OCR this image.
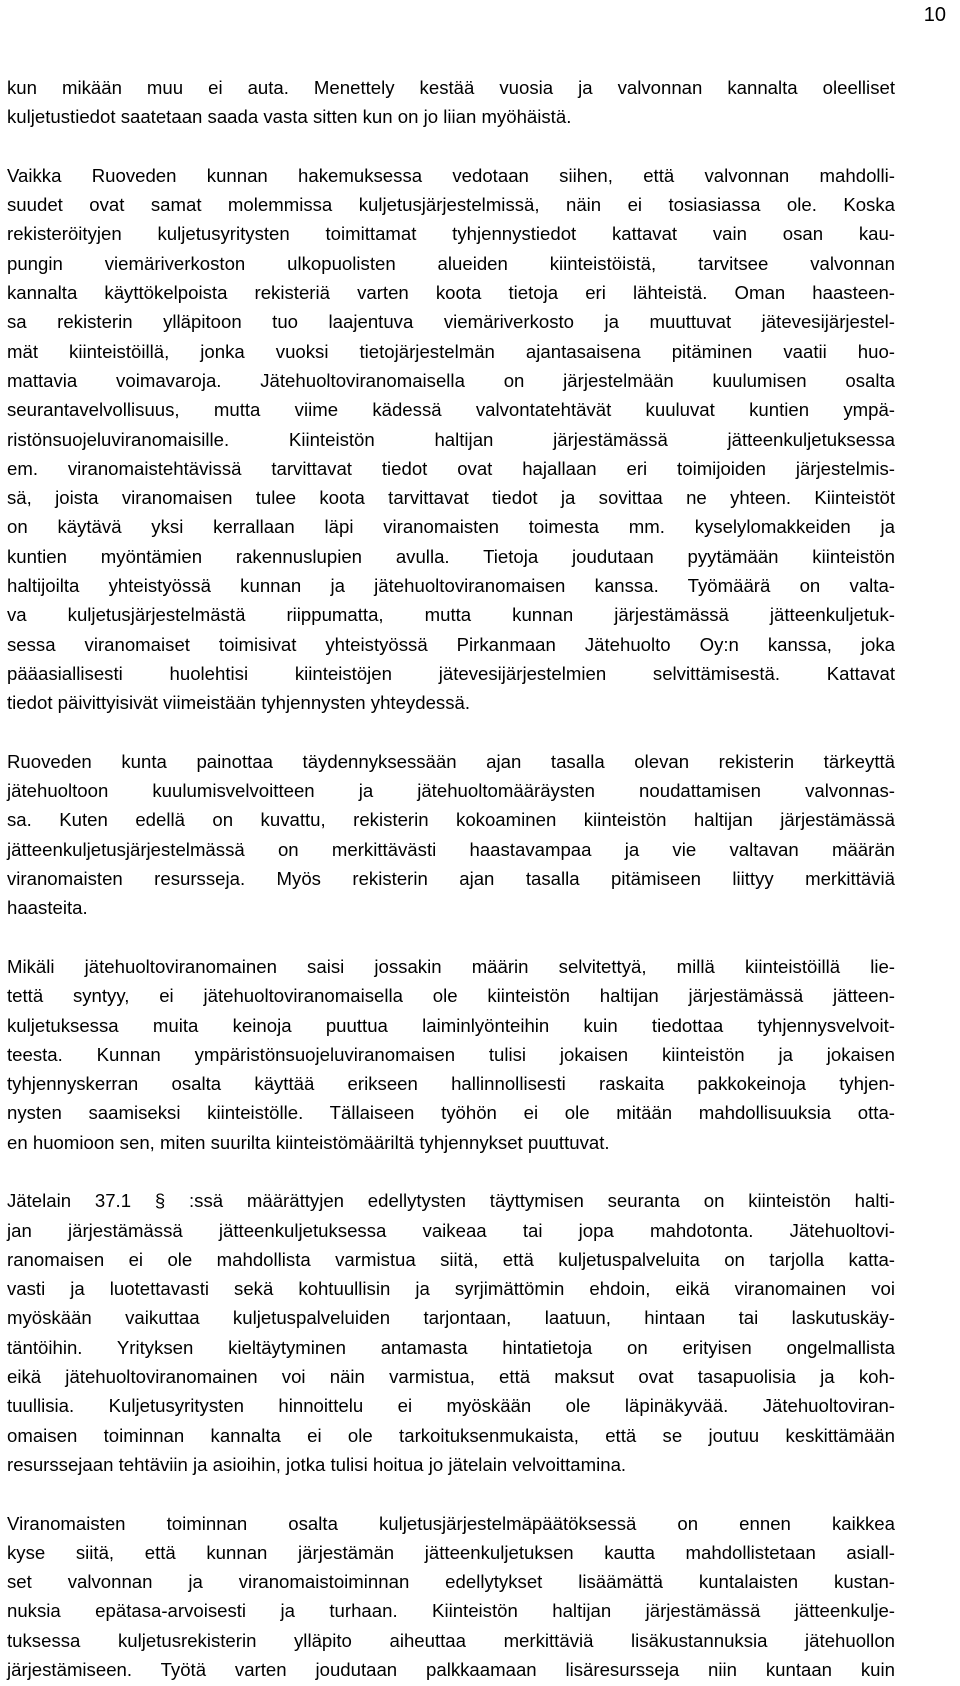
10

kun mikään muu ei auta. Menettely kestää vuosia ja valvonnan kannalta oleelliset
kuljetustiedot saatetaan saada vasta sitten kun on jo liian myöhäistä.

Vaikka Ruoveden kunnan hakemuksessa vedotaan siihen, että valvonnan mahdolli-
suudet ovat samat molemmissa kuljetusjärjestelmissä, näin ei tosiasiassa ole. Koska
rekisteröityjen kuljetusyritysten toimittamat tyhjennystiedot kattavat vain osan kau-
pungin viemäriverkoston ulkopuolisten alueiden kiinteistöistä, tarvitsee valvonnan
kannalta käyttökelpoista rekisteriä varten koota tietoja eri lähteistä. Oman haasteen-
sa rekisterin ylläpitoon tuo laajentuva viemäriverkosto ja muuttuvat jätevesijärjestel-
mät kiinteistöillä, jonka vuoksi tietojärjestelmän ajantasaisena pitäminen vaatii huo-
mattavia voimavaroja. Jätehuoltoviranomaisella on järjestelmään kuulumisen osalta
seurantavelvollisuus, mutta viime kädessä valvontatehtävät kuuluvat kuntien ympä-
ristönsuojeluviranomaisille. Kiinteistön haltijan järjestämässä jätteenkuljetuksessa
em. viranomaistehtävissä tarvittavat tiedot ovat hajallaan eri toimijoiden järjestelmis-
sä, joista viranomaisen tulee koota tarvittavat tiedot ja sovittaa ne yhteen. Kiinteistöt
on käytävä yksi kerrallaan läpi viranomaisten toimesta mm. kyselylomakkeiden ja
kuntien myöntämien rakennuslupien avulla. Tietoja joudutaan pyytämään kiinteistön
haltijoilta yhteistyössä kunnan ja jätehuoltoviranomaisen kanssa. Työmäärä on valta-
va kuljetusjärjestelmästä riippumatta, mutta kunnan järjestämässä jätteenkuljetuk-
sessa viranomaiset toimisivat yhteistyössä Pirkanmaan Jätehuolto Oy:n kanssa, joka
pääasiallisesti huolehtisi kiinteistöjen jätevesijärjestelmien selvittämisestä. Kattavat
tiedot päivittyisivät viimeistään tyhjennysten yhteydessä.

Ruoveden kunta painottaa täydennyksessään ajan tasalla olevan rekisterin tärkeyttä
jätehuoltoon kuulumisvelvoitteen ja jätehuoltomääräysten noudattamisen valvonnas-
sa. Kuten edellä on kuvattu, rekisterin kokoaminen kiinteistön haltijan järjestämässä
jätteenkuljetusjärjestelmässä on merkittävästi haastavampaa ja vie valtavan määrän
viranomaisten resursseja. Myös rekisterin ajan tasalla pitämiseen liittyy merkittäviä
haasteita.

Mikäli jätehuoltoviranomainen saisi jossakin määrin selvitettyä, millä kiinteistöillä lie-
tettä syntyy, ei jätehuoltoviranomaisella ole kiinteistön haltijan järjestämässä jätteen-
kuljetuksessa muita keinoja puuttua laiminlyönteihin kuin tiedottaa tyhjennysvelvoit-
teesta. Kunnan ympäristönsuojeluviranomaisen tulisi jokaisen kiinteistön ja jokaisen
tyhjennyskerran osalta käyttää erikseen hallinnollisesti raskaita pakkokeinoja tyhjen-
nysten saamiseksi kiinteistölle. Tällaiseen työhön ei ole mitään mahdollisuuksia otta-
en huomioon sen, miten suurilta kiinteistömääriltä tyhjennykset puuttuvat.

Jätelain 37.1 § :ssä määrättyjen edellytysten täyttymisen seuranta on kiinteistön halti-
jan järjestämässä jätteenkuljetuksessa vaikeaa tai jopa mahdotonta. Jätehuoltovi-
ranomaisen ei ole mahdollista varmistua siitä, että kuljetuspalveluita on tarjolla katta-
vasti ja luotettavasti sekä kohtuullisin ja syrjimättömin ehdoin, eikä viranomainen voi
myöskään vaikuttaa kuljetuspalveluiden tarjontaan, laatuun, hintaan tai laskutuskäy-
täntöihin. Yrityksen kieltäytyminen antamasta hintatietoja on erityisen ongelmallista
eikä jätehuoltoviranomainen voi näin varmistua, että maksut ovat tasapuolisia ja koh-
tuullisia. Kuljetusyritysten hinnoittelu ei myöskään ole läpinäkyvää. Jätehuoltoviran-
omaisen toiminnan kannalta ei ole tarkoituksenmukaista, että se joutuu keskittämään
resurssejaan tehtäviin ja asioihin, jotka tulisi hoitua jo jätelain velvoittamina.

Viranomaisten toiminnan osalta kuljetusjärjestelmäpäätöksessä on ennen kaikkea
kyse siitä, että kunnan järjestämän jätteenkuljetuksen kautta mahdollistetaan asiall-
set valvonnan ja viranomaistoiminnan edellytykset lisäämättä kuntalaisten kustan-
nuksia epätasa-arvoisesti ja turhaan. Kiinteistön haltijan järjestämässä jätteenkulje-
tuksessa kuljetusrekisterin ylläpito aiheuttaa merkittäviä lisäkustannuksia jätehuollon
järjestämiseen. Työtä varten joudutaan palkkaamaan lisäresursseja niin kuntaan kuin
